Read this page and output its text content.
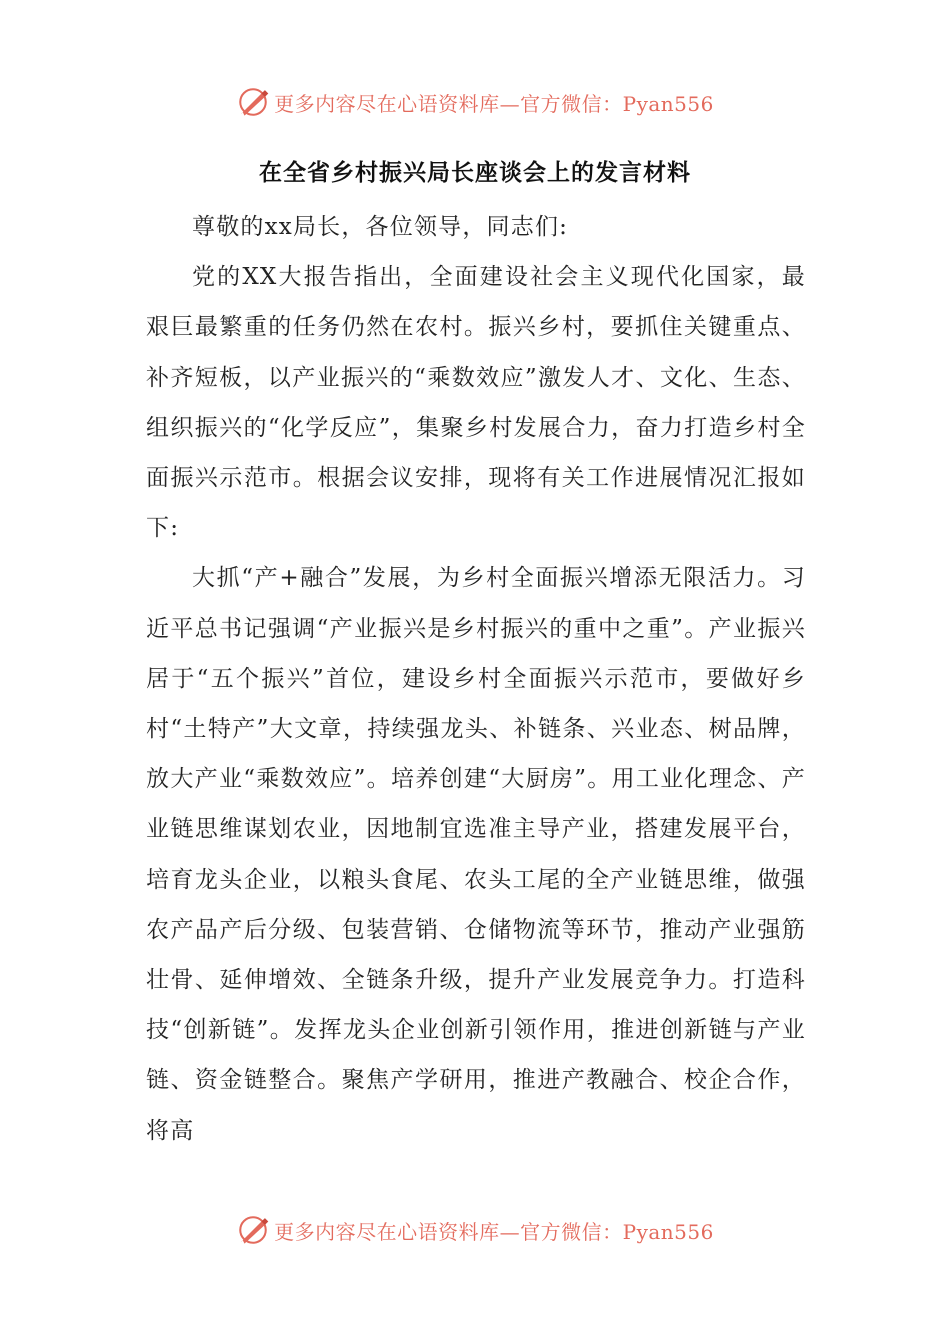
更多内容尽在心语资料库—官方微信：Pyan556
在全省乡村振兴局长座谈会上的发言材料

尊敬的xx局长，各位领导，同志们:

党的XX大报告指出，全面建设社会主义现代化国家，最艰巨最繁重的任务仍然在农村。振兴乡村，要抓住关键重点、补齐短板，以产业振兴的“乘数效应”激发人才、文化、生态、组织振兴的“化学反应”，集聚乡村发展合力，奋力打造乡村全面振兴示范市。根据会议安排，现将有关工作进展情况汇报如下:

大抓“产+融合”发展，为乡村全面振兴增添无限活力。习近平总书记强调“产业振兴是乡村振兴的重中之重”。产业振兴居于“五个振兴”首位，建设乡村全面振兴示范市，要做好乡村“土特产”大文章，持续强龙头、补链条、兴业态、树品牌，放大产业“乘数效应”。培养创建“大厨房”。用工业化理念、产业链思维谋划农业，因地制宜选准主导产业，搭建发展平台，培育龙头企业，以粮头食尾、农头工尾的全产业链思维，做强农产品产后分级、包装营销、仓储物流等环节，推动产业强筋壮骨、延伸增效、全链条升级，提升产业发展竞争力。打造科技“创新链”。发挥龙头企业创新引领作用，推进创新链与产业链、资金链整合。聚焦产学研用，推进产教融合、校企合作，将高

更多内容尽在心语资料库—官方微信：Pyan556
